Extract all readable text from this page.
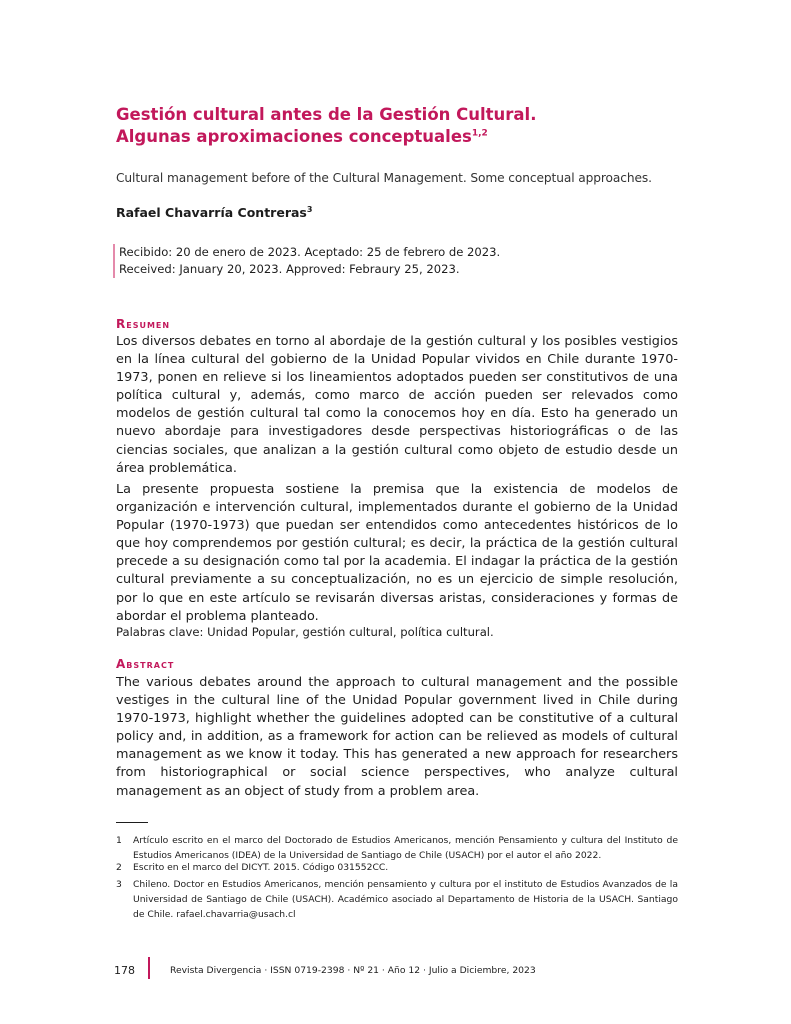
Gestión cultural antes de la Gestión Cultural.
Algunas aproximaciones conceptuales$^{1,2}$
Cultural management before of the Cultural Management. Some conceptual approaches.
Rafael Chavarría Contreras$^3$
Recibido: 20 de enero de 2023. Aceptado: 25 de febrero de 2023.
Received: January 20, 2023. Approved: Febraury 25, 2023.
Resumen

Los diversos debates en torno al abordaje de la gestión cultural y los posibles vestigios en la línea cultural del gobierno de la Unidad Popular vividos en Chile durante 1970-1973, ponen en relieve si los lineamientos adoptados pueden ser constitutivos de una política cultural y, además, como marco de acción pueden ser relevados como modelos de gestión cultural tal como la conocemos hoy en día. Esto ha generado un nuevo abordaje para investigadores desde perspectivas historiográficas o de las ciencias sociales, que analizan a la gestión cultural como objeto de estudio desde un área problemática.

La presente propuesta sostiene la premisa que la existencia de modelos de organización e intervención cultural, implementados durante el gobierno de la Unidad Popular (1970-1973) que puedan ser entendidos como antecedentes históricos de lo que hoy comprendemos por gestión cultural; es decir, la práctica de la gestión cultural precede a su designación como tal por la academia. El indagar la práctica de la gestión cultural previamente a su conceptualización, no es un ejercicio de simple resolución, por lo que en este artículo se revisarán diversas aristas, consideraciones y formas de abordar el problema planteado.

Palabras clave: Unidad Popular, gestión cultural, política cultural.
Abstract

The various debates around the approach to cultural management and the possible vestiges in the cultural line of the Unidad Popular government lived in Chile during 1970-1973, highlight whether the guidelines adopted can be constitutive of a cultural policy and, in addition, as a framework for action can be relieved as models of cultural management as we know it today. This has generated a new approach for researchers from historiographical or social science perspectives, who analyze cultural management as an object of study from a problem area.

1 Artículo escrito en el marco del Doctorado de Estudios Americanos, mención Pensamiento y cultura del Instituto de Estudios Americanos (IDEA) de la Universidad de Santiago de Chile (USACH) por el autor el año 2022.
2 Escrito en el marco del DICYT. 2015. Código 031552CC.
3 Chileno. Doctor en Estudios Americanos, mención pensamiento y cultura por el instituto de Estudios Avanzados de la Universidad de Santiago de Chile (USACH). Académico asociado al Departamento de Historia de la USACH. Santiago de Chile. rafael.chavarria@usach.cl
178	Revista Divergencia · ISSN 0719-2398 · Nº 21 · Año 12 · Julio a Diciembre, 2023
